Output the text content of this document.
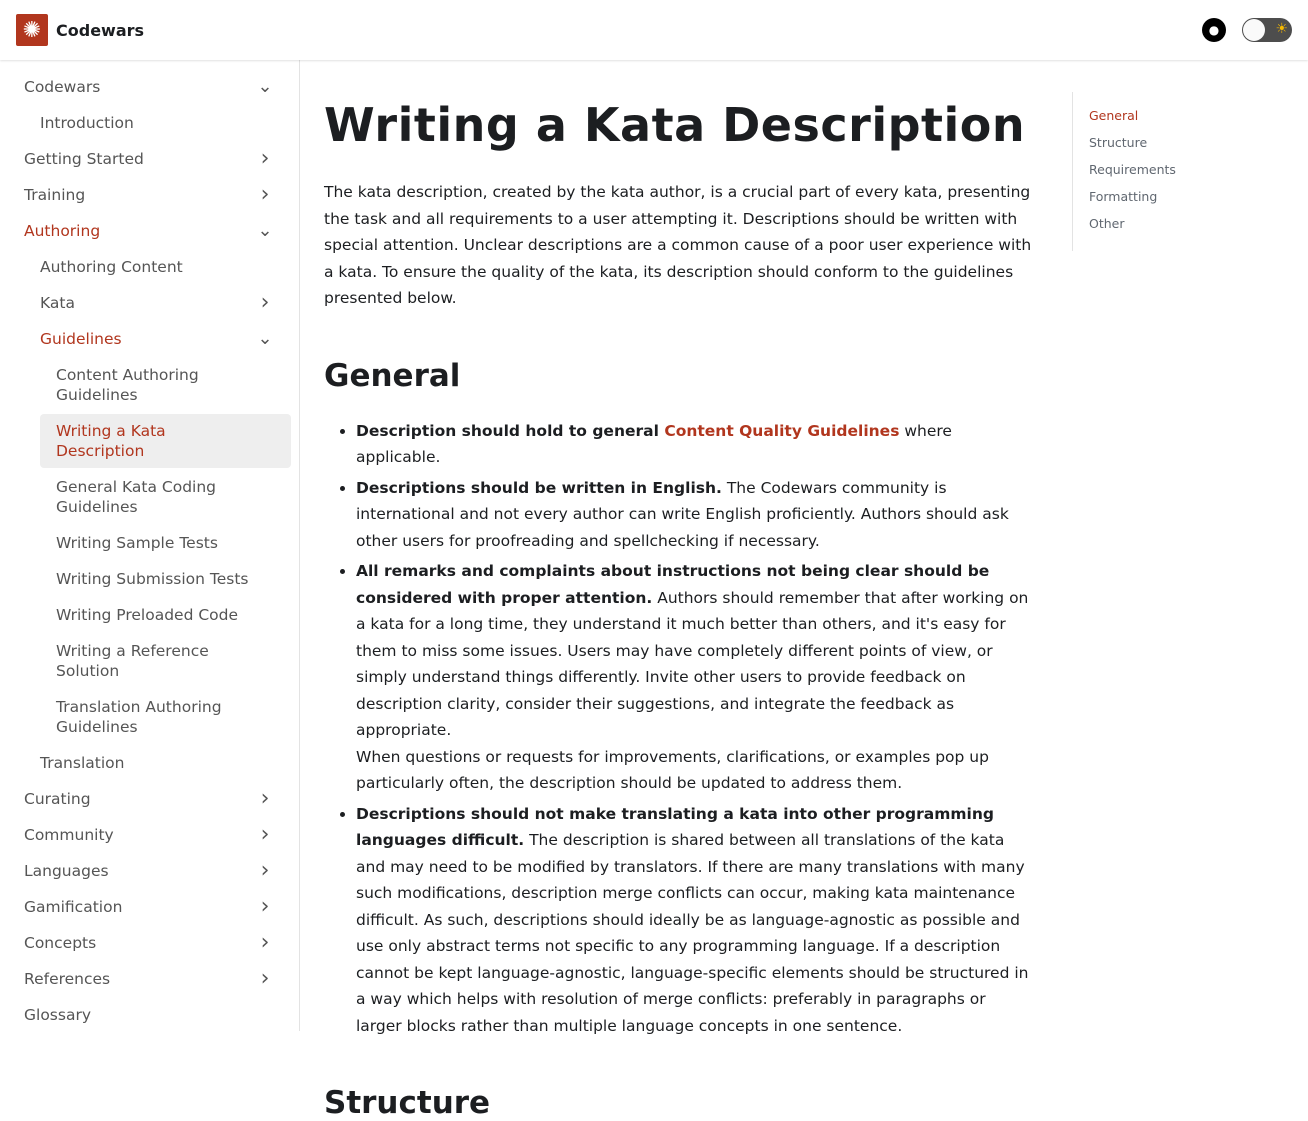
✺ Codewars	●	☀
Codewars	⌄
Introduction
Getting Started	›
Training	›
Authoring	⌄
Authoring Content
Kata	›
Guidelines	⌄
Content Authoring Guidelines
Writing a Kata Description
General Kata Coding Guidelines
Writing Sample Tests
Writing Submission Tests
Writing Preloaded Code
Writing a Reference Solution
Translation Authoring Guidelines
Translation
Curating	›
Community	›
Languages	›
Gamification	›
Concepts	›
References	›
Glossary
Writing a Kata Description

The kata description, created by the kata author, is a crucial part of every kata, presenting the task and all requirements to a user attempting it. Descriptions should be written with special attention. Unclear descriptions are a common cause of a poor user experience with a kata. To ensure the quality of the kata, its description should conform to the guidelines presented below.

General
• Description should hold to general Content Quality Guidelines where applicable.
• Descriptions should be written in English. The Codewars community is international and not every author can write English proficiently. Authors should ask other users for proofreading and spellchecking if necessary.
• All remarks and complaints about instructions not being clear should be considered with proper attention. Authors should remember that after working on a kata for a long time, they understand it much better than others, and it's easy for them to miss some issues. Users may have completely different points of view, or simply understand things differently. Invite other users to provide feedback on description clarity, consider their suggestions, and integrate the feedback as appropriate.
When questions or requests for improvements, clarifications, or examples pop up particularly often, the description should be updated to address them.
• Descriptions should not make translating a kata into other programming languages difficult. The description is shared between all translations of the kata and may need to be modified by translators. If there are many translations with many such modifications, description merge conflicts can occur, making kata maintenance difficult. As such, descriptions should ideally be as language-agnostic as possible and use only abstract terms not specific to any programming language. If a description cannot be kept language-agnostic, language-specific elements should be structured in a way which helps with resolution of merge conflicts: preferably in paragraphs or larger blocks rather than multiple language concepts in one sentence.
Structure
General
Structure
Requirements
Formatting
Other
